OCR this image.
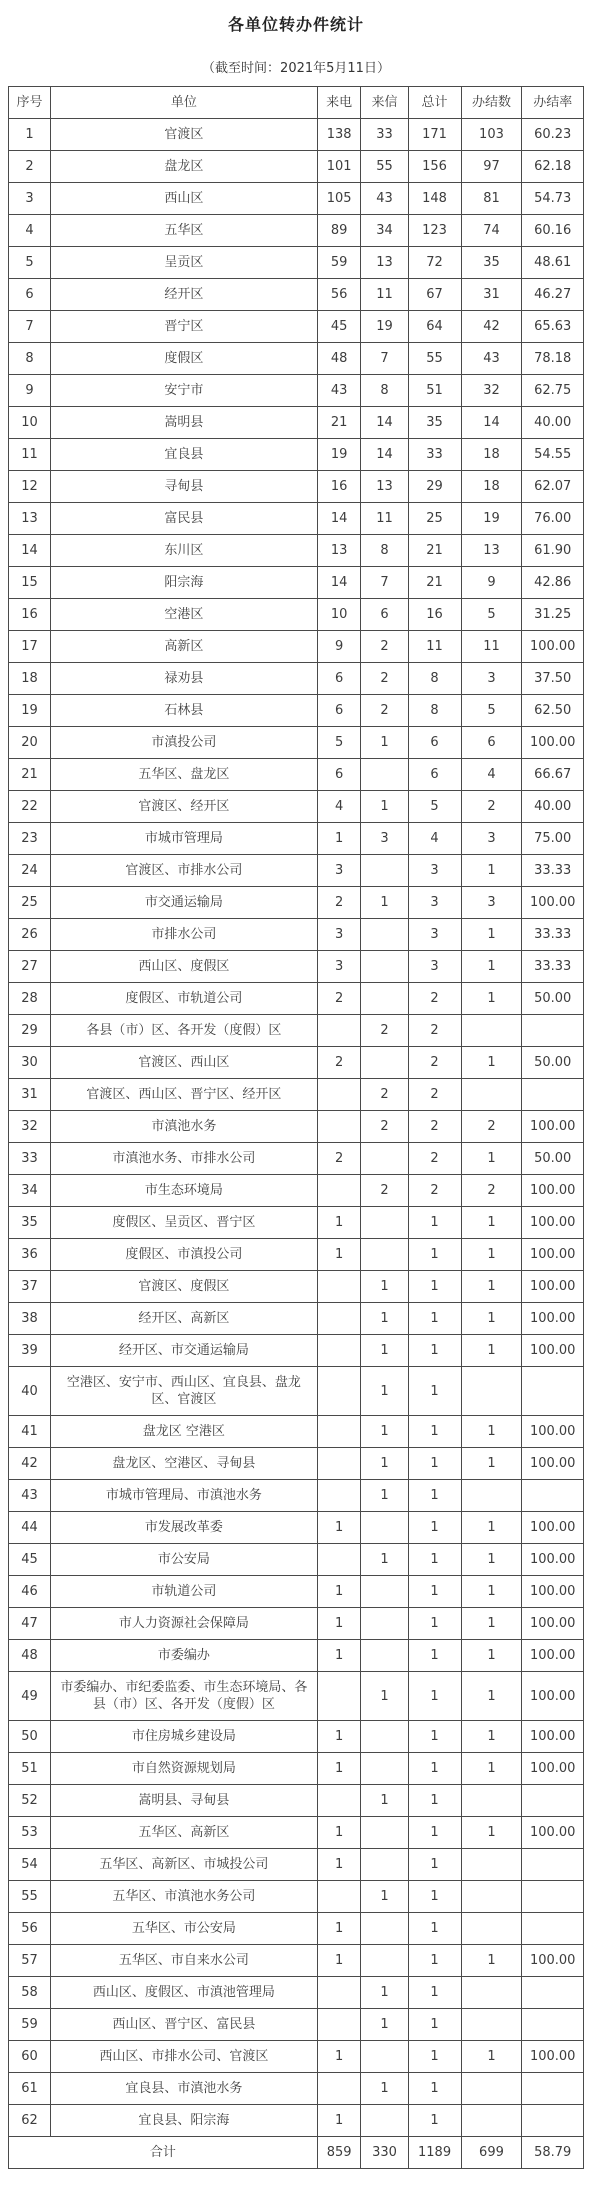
各单位转办件统计
（截至时间：2021年5月11日）
序号	单位	来电	来信	总计	办结数	办结率
1	官渡区	138	33	171	103	60.23
2	盘龙区	101	55	156	97	62.18
3	西山区	105	43	148	81	54.73
4	五华区	89	34	123	74	60.16
5	呈贡区	59	13	72	35	48.61
6	经开区	56	11	67	31	46.27
7	晋宁区	45	19	64	42	65.63
8	度假区	48	7	55	43	78.18
9	安宁市	43	8	51	32	62.75
10	嵩明县	21	14	35	14	40.00
11	宜良县	19	14	33	18	54.55
12	寻甸县	16	13	29	18	62.07
13	富民县	14	11	25	19	76.00
14	东川区	13	8	21	13	61.90
15	阳宗海	14	7	21	9	42.86
16	空港区	10	6	16	5	31.25
17	高新区	9	2	11	11	100.00
18	禄劝县	6	2	8	3	37.50
19	石林县	6	2	8	5	62.50
20	市滇投公司	5	1	6	6	100.00
21	五华区、盘龙区	6		6	4	66.67
22	官渡区、经开区	4	1	5	2	40.00
23	市城市管理局	1	3	4	3	75.00
24	官渡区、市排水公司	3		3	1	33.33
25	市交通运输局	2	1	3	3	100.00
26	市排水公司	3		3	1	33.33
27	西山区、度假区	3		3	1	33.33
28	度假区、市轨道公司	2		2	1	50.00
29	各县（市）区、各开发（度假）区		2	2		
30	官渡区、西山区	2		2	1	50.00
31	官渡区、西山区、晋宁区、经开区		2	2		
32	市滇池水务		2	2	2	100.00
33	市滇池水务、市排水公司	2		2	1	50.00
34	市生态环境局		2	2	2	100.00
35	度假区、呈贡区、晋宁区	1		1	1	100.00
36	度假区、市滇投公司	1		1	1	100.00
37	官渡区、度假区		1	1	1	100.00
38	经开区、高新区		1	1	1	100.00
39	经开区、市交通运输局		1	1	1	100.00
40	空港区、安宁市、西山区、宜良县、盘龙区、官渡区		1	1		
41	盘龙区 空港区		1	1	1	100.00
42	盘龙区、空港区、寻甸县		1	1	1	100.00
43	市城市管理局、市滇池水务		1	1		
44	市发展改革委	1		1	1	100.00
45	市公安局		1	1	1	100.00
46	市轨道公司	1		1	1	100.00
47	市人力资源社会保障局	1		1	1	100.00
48	市委编办	1		1	1	100.00
49	市委编办、市纪委监委、市生态环境局、各县（市）区、各开发（度假）区		1	1	1	100.00
50	市住房城乡建设局	1		1	1	100.00
51	市自然资源规划局	1		1	1	100.00
52	嵩明县、寻甸县		1	1		
53	五华区、高新区	1		1	1	100.00
54	五华区、高新区、市城投公司	1		1		
55	五华区、市滇池水务公司		1	1		
56	五华区、市公安局	1		1		
57	五华区、市自来水公司	1		1	1	100.00
58	西山区、度假区、市滇池管理局		1	1		
59	西山区、晋宁区、富民县		1	1		
60	西山区、市排水公司、官渡区	1		1	1	100.00
61	宜良县、市滇池水务		1	1		
62	宜良县、阳宗海	1		1		
合计		859	330	1189	699	58.79
